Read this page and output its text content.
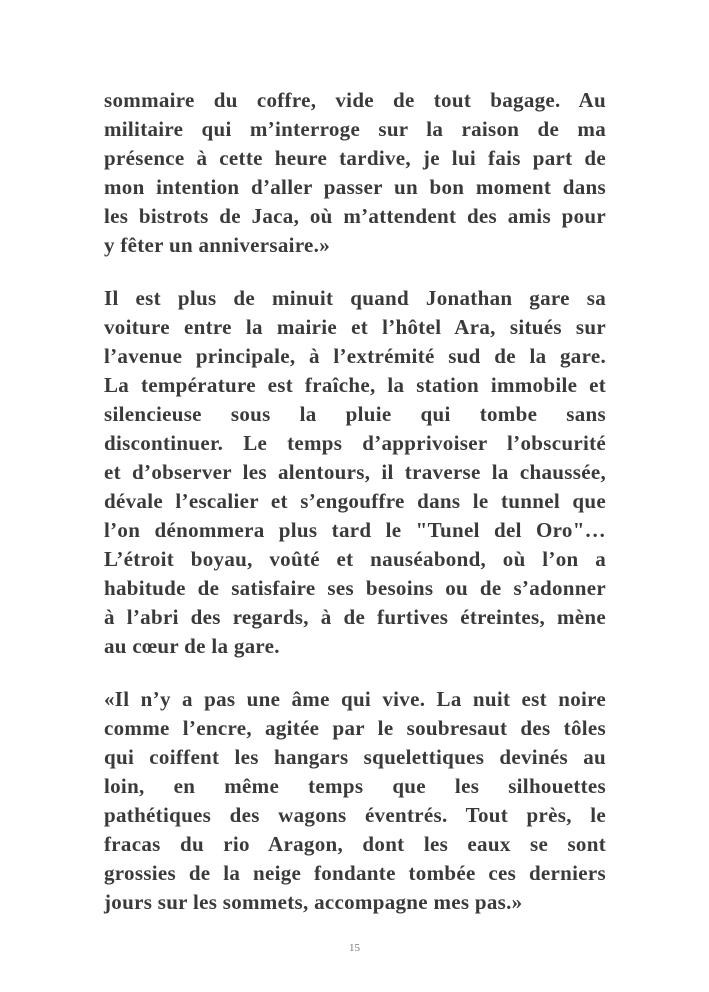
sommaire du coffre, vide de tout bagage. Au
militaire qui m’interroge sur la raison de ma
présence à cette heure tardive, je lui fais part de
mon intention d’aller passer un bon moment dans
les bistrots de Jaca, où m’attendent des amis pour
y fêter un anniversaire.»

Il est plus de minuit quand Jonathan gare sa
voiture entre la mairie et l’hôtel Ara, situés sur
l’avenue principale, à l’extrémité sud de la gare.
La température est fraîche, la station immobile et
silencieuse sous la pluie qui tombe sans
discontinuer. Le temps d’apprivoiser l’obscurité
et d’observer les alentours, il traverse la chaussée,
dévale l’escalier et s’engouffre dans le tunnel que
l’on dénommera plus tard le "Tunel del Oro"…
L’étroit boyau, voûté et nauséabond, où l’on a
habitude de satisfaire ses besoins ou de s’adonner
à l’abri des regards, à de furtives étreintes, mène
au cœur de la gare.

«Il n’y a pas une âme qui vive. La nuit est noire
comme l’encre, agitée par le soubresaut des tôles
qui coiffent les hangars squelettiques devinés au
loin, en même temps que les silhouettes
pathétiques des wagons éventrés. Tout près, le
fracas du rio Aragon, dont les eaux se sont
grossies de la neige fondante tombée ces derniers
jours sur les sommets, accompagne mes pas.»

15
